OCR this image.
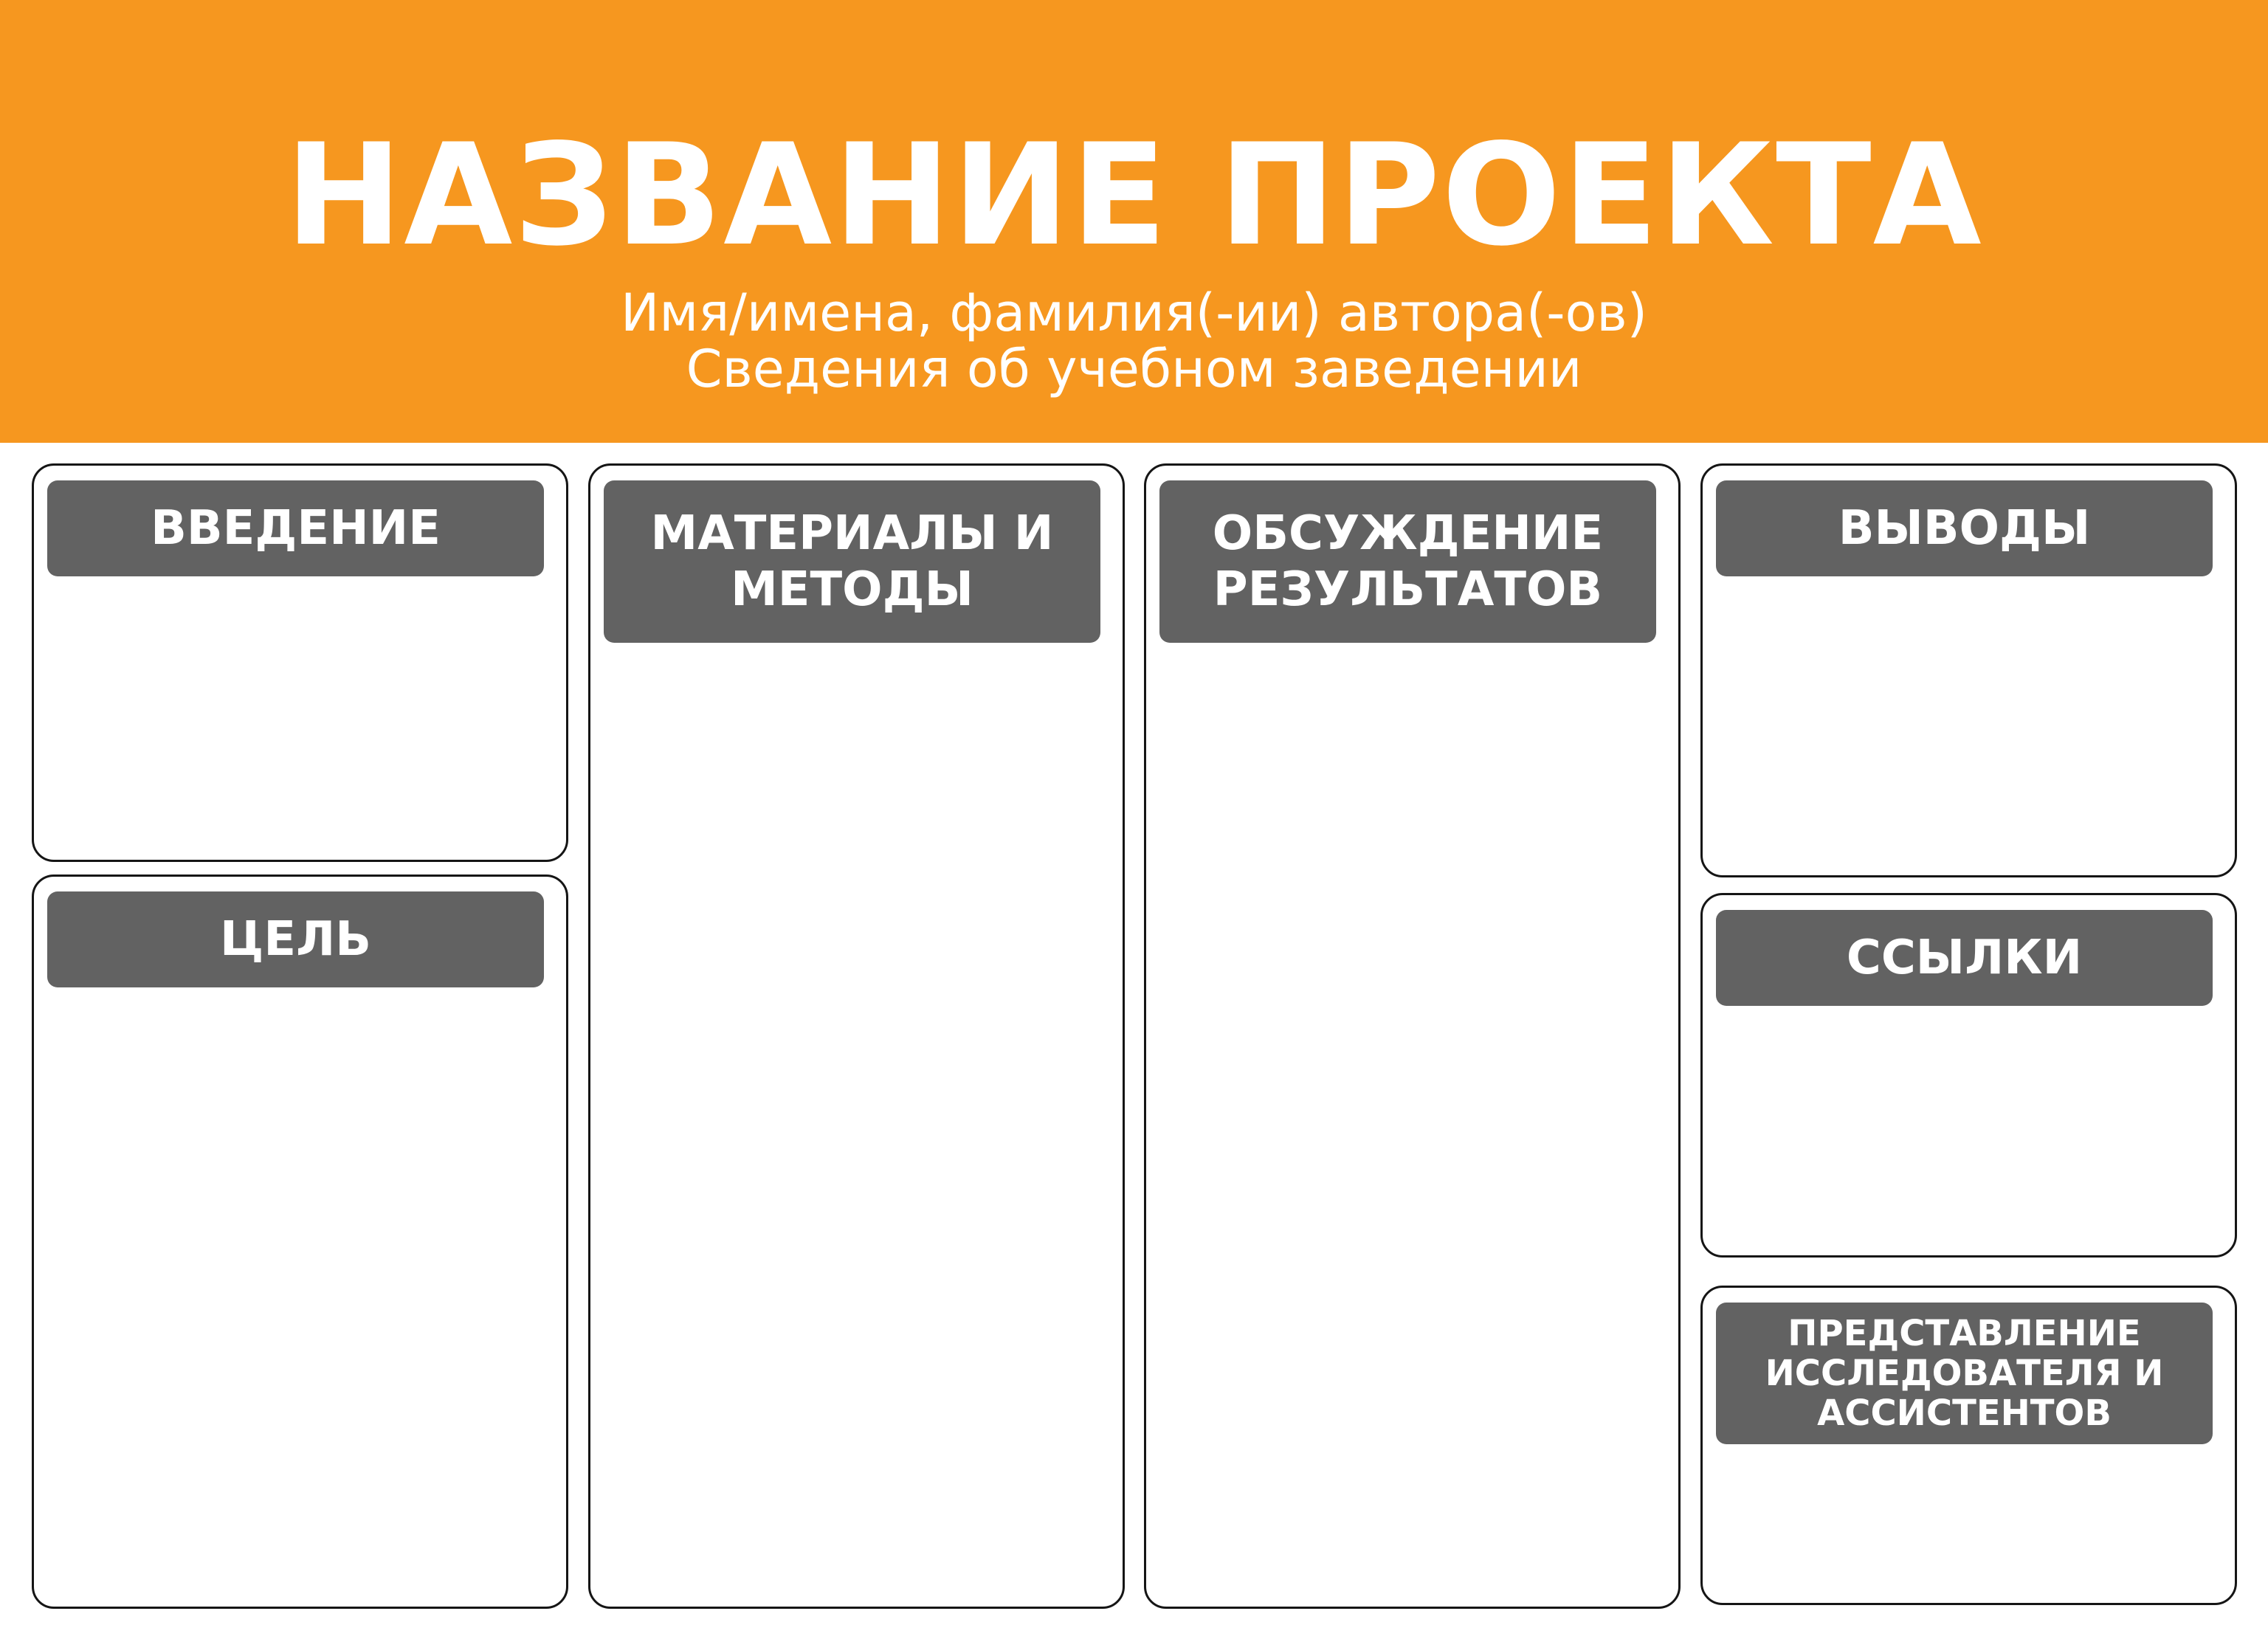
НАЗВАНИЕ ПРОЕКТА
Имя/имена, фамилия(-ии) автора(-ов)
Сведения об учебном заведении
ВВЕДЕНИЕ
ЦЕЛЬ
МАТЕРИАЛЫ И МЕТОДЫ
ОБСУЖДЕНИЕ РЕЗУЛЬТАТОВ
ВЫВОДЫ
ССЫЛКИ
ПРЕДСТАВЛЕНИЕ ИССЛЕДОВАТЕЛЯ И АССИСТЕНТОВ
